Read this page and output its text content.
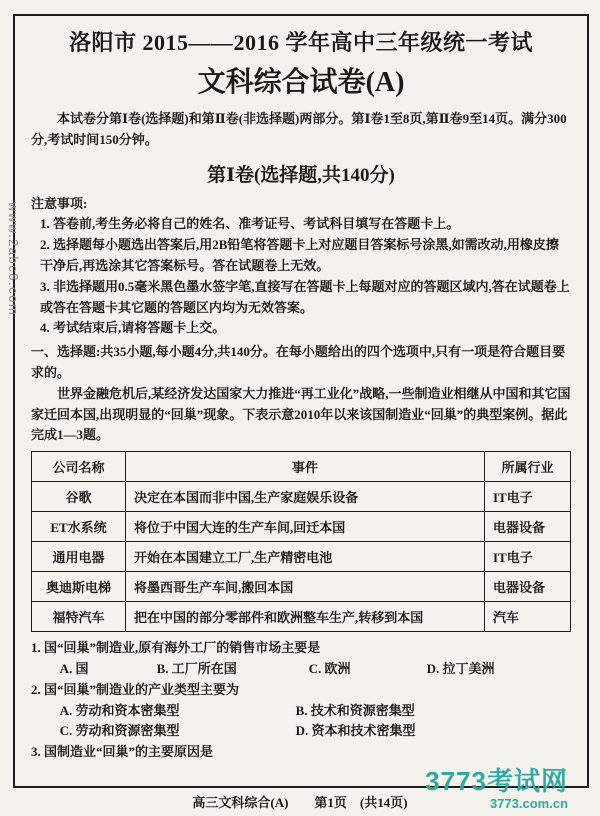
www.2abc8.com
洛阳市 2015——2016 学年高中三年级统一考试
文科综合试卷(A)

本试卷分第Ⅰ卷(选择题)和第Ⅱ卷(非选择题)两部分。第Ⅰ卷1至8页,第Ⅱ卷9至14页。满分300分,考试时间150分钟。

第Ⅰ卷(选择题,共140分)
注意事项:
1. 答卷前,考生务必将自己的姓名、准考证号、考试科目填写在答题卡上。
2. 选择题每小题选出答案后,用2B铅笔将答题卡上对应题目答案标号涂黑,如需改动,用橡皮擦干净后,再选涂其它答案标号。答在试题卷上无效。
3. 非选择题用0.5毫米黑色墨水签字笔,直接写在答题卡上每题对应的答题区域内,答在试题卷上或答在答题卡其它题的答题区内均为无效答案。
4. 考试结束后,请将答题卡上交。

一、选择题:共35小题,每小题4分,共140分。在每小题给出的四个选项中,只有一项是符合题目要求的。

世界金融危机后,某经济发达国家大力推进“再工业化”战略,一些制造业相继从中国和其它国家迁回本国,出现明显的“回巢”现象。下表示意2010年以来该国制造业“回巢”的典型案例。据此完成1—3题。

公司名称	事件	所属行业
谷歌	决定在本国而非中国,生产家庭娱乐设备	IT电子
ET水系统	将位于中国大连的生产车间,回迁本国	电器设备
通用电器	开始在本国建立工厂,生产精密电池	IT电子
奥迪斯电梯	将墨西哥生产车间,搬回本国	电器设备
福特汽车	把在中国的部分零部件和欧洲整车生产,转移到本国	汽车
1. 国“回巢”制造业,原有海外工厂的销售市场主要是
A. 国	B. 工厂所在国	C. 欧洲	D. 拉丁美洲
2. 国“回巢”制造业的产业类型主要为
A. 劳动和资本密集型	B. 技术和资源密集型
C. 劳动和资源密集型	D. 资本和技术密集型
3. 国制造业“回巢”的主要原因是
高三文科综合(A)　　第1页　(共14页)
3773考试网
3773.com.cn
